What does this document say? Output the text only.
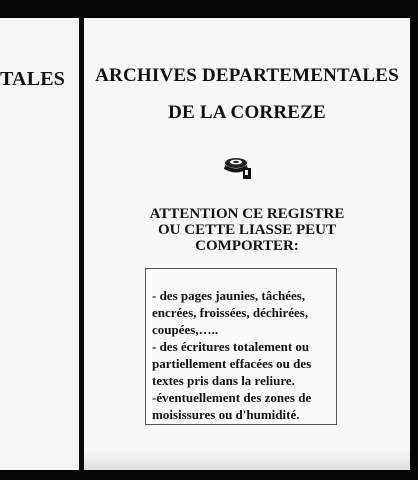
TALES	ARCHIVES DEPARTEMENTALES
DE LA CORREZE
ATTENTION CE REGISTRE
OU CETTE LIASSE PEUT
COMPORTER:
- des pages jaunies, tâchées,
encrées, froissées, déchirées,
coupées,…..
- des écritures totalement ou
partiellement effacées ou des
textes pris dans la reliure.
-éventuellement des zones de
moisissures ou d'humidité.
